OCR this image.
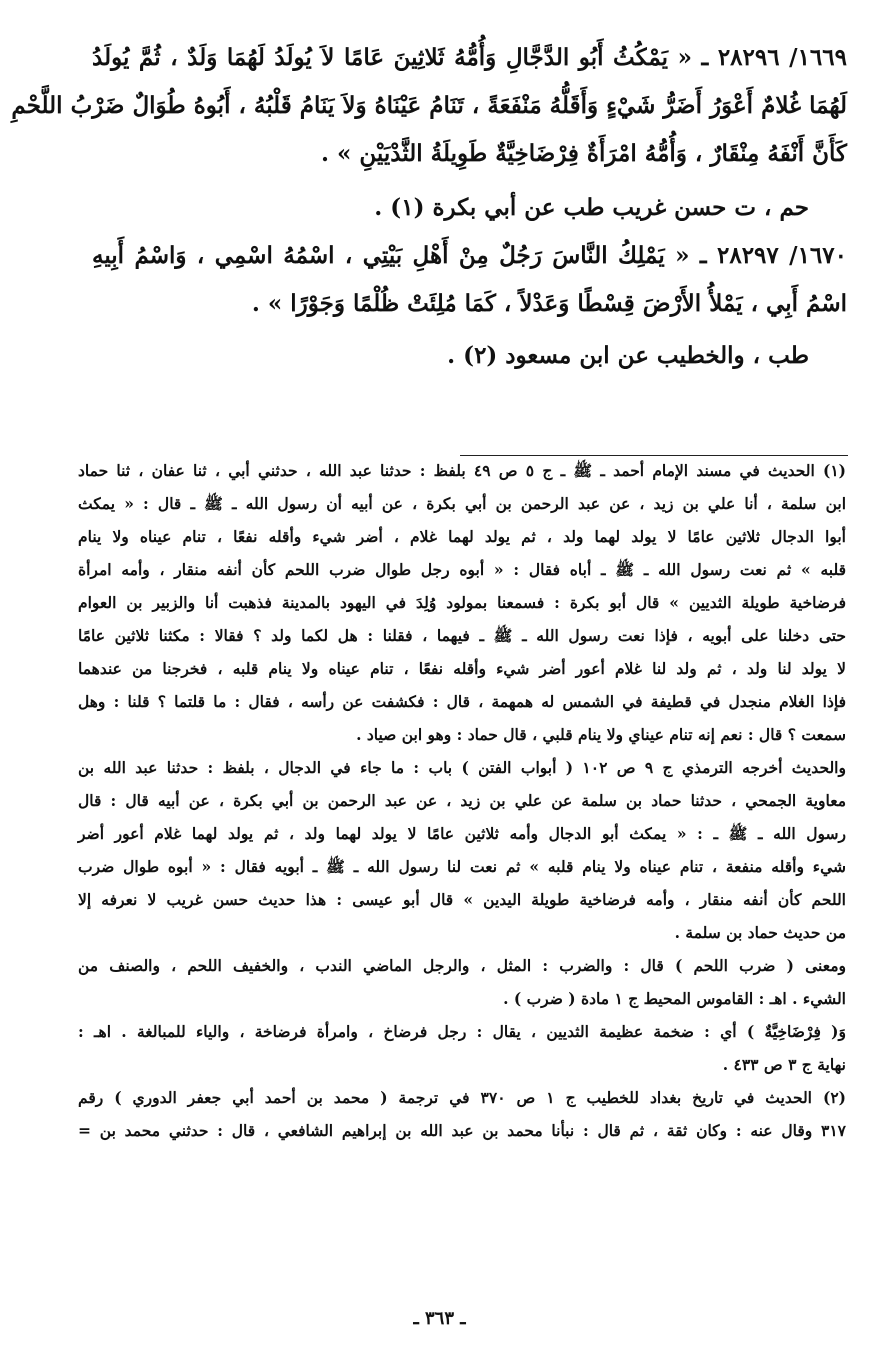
١٦٦٩/ ٢٨٢٩٦ ـ « يَمْكُثُ أَبُو الدَّجَّالِ وَأُمُّهُ ثَلاثِينَ عَامًا لاَ يُولَدُ لَهُمَا وَلَدٌ ، ثُمَّ يُولَدُ
لَهُمَا غُلامٌ أَعْوَرُ أَضَرُّ شَيْءٍ وَأَقَلُّهُ مَنْفَعَةً ، تَنَامُ عَيْنَاهُ وَلاَ يَنَامُ قَلْبُهُ ، أَبُوهُ طُوَالٌ ضَرْبُ اللَّحْمِ
كَأَنَّ أَنْفَهُ مِنْقَارٌ ، وَأُمُّهُ امْرَأَةٌ فِرْضَاخِيَّةٌ طَوِيلَةُ الثَّدْيَيْنِ » .
حم ، ت حسن غريب طب عن أبي بكرة (١) .
١٦٧٠/ ٢٨٢٩٧ ـ « يَمْلِكُ النَّاسَ رَجُلٌ مِنْ أَهْلِ بَيْتِي ، اسْمُهُ اسْمِي ، وَاسْمُ أَبِيهِ
اسْمُ أَبِي ، يَمْلأُ الأَرْضَ قِسْطًا وَعَدْلاً ، كَمَا مُلِئَتْ ظُلْمًا وَجَوْرًا » .
طب ، والخطيب عن ابن مسعود (٢) .
(١) الحديث في مسند الإمام أحمد ـ ﷺ ـ ج ٥ ص ٤٩ بلفظ : حدثنا عبد الله ، حدثني أبي ، ثنا عفان ، ثنا حماد
ابن سلمة ، أنا علي بن زيد ، عن عبد الرحمن بن أبي بكرة ، عن أبيه أن رسول الله ـ ﷺ ـ قال : « يمكث
أبوا الدجال ثلاثين عامًا لا يولد لهما ولد ، ثم يولد لهما غلام ، أضر شيء وأقله نفعًا ، تنام عيناه ولا ينام
قلبه » ثم نعت رسول الله ـ ﷺ ـ أباه فقال : « أبوه رجل طوال ضرب اللحم كأن أنفه منقار ، وأمه امرأة
فرضاخية طويلة الثديين » قال أبو بكرة : فسمعنا بمولود وُلِدَ في اليهود بالمدينة فذهبت أنا والزبير بن العوام
حتى دخلنا على أبويه ، فإذا نعت رسول الله ـ ﷺ ـ فيهما ، فقلنا : هل لكما ولد ؟ فقالا : مكثنا ثلاثين عامًا
لا يولد لنا ولد ، ثم ولد لنا غلام أعور أضر شيء وأقله نفعًا ، تنام عيناه ولا ينام قلبه ، فخرجنا من عندهما
فإذا الغلام منجدل في قطيفة في الشمس له همهمة ، قال : فكشفت عن رأسه ، فقال : ما قلتما ؟ قلنا : وهل
سمعت ؟ قال : نعم إنه تنام عيناي ولا ينام قلبي ، قال حماد : وهو ابن صياد .
والحديث أخرجه الترمذي ج ٩ ص ١٠٢ ( أبواب الفتن ) باب : ما جاء في الدجال ، بلفظ : حدثنا عبد الله بن
معاوية الجمحي ، حدثنا حماد بن سلمة عن علي بن زيد ، عن عبد الرحمن بن أبي بكرة ، عن أبيه قال : قال
رسول الله ـ ﷺ ـ : « يمكث أبو الدجال وأمه ثلاثين عامًا لا يولد لهما ولد ، ثم يولد لهما غلام أعور أضر
شيء وأقله منفعة ، تنام عيناه ولا ينام قلبه » ثم نعت لنا رسول الله ـ ﷺ ـ أبويه فقال : « أبوه طوال ضرب
اللحم كأن أنفه منقار ، وأمه فرضاخية طويلة اليدين » قال أبو عيسى : هذا حديث حسن غريب لا نعرفه إلا
من حديث حماد بن سلمة .
ومعنى ( ضرب اللحم ) قال : والضرب : المثل ، والرجل الماضي الندب ، والخفيف اللحم ، والصنف من
الشيء . اهـ : القاموس المحيط ج ١ مادة ( ضرب ) .
وَ( فِرْضَاخِيَّةٌ ) أي : ضخمة عظيمة الثديين ، يقال : رجل فرضاخ ، وامرأة فرضاخة ، والياء للمبالغة . اهـ :
نهاية ج ٣ ص ٤٣٣ .
(٢) الحديث في تاريخ بغداد للخطيب ج ١ ص ٣٧٠ في ترجمة ( محمد بن أحمد أبي جعفر الدوري ) رقم
٣١٧ وقال عنه : وكان ثقة ، ثم قال : نبأنا محمد بن عبد الله بن إبراهيم الشافعي ، قال : حدثني محمد بن =
ـ ٣٦٣ ـ
